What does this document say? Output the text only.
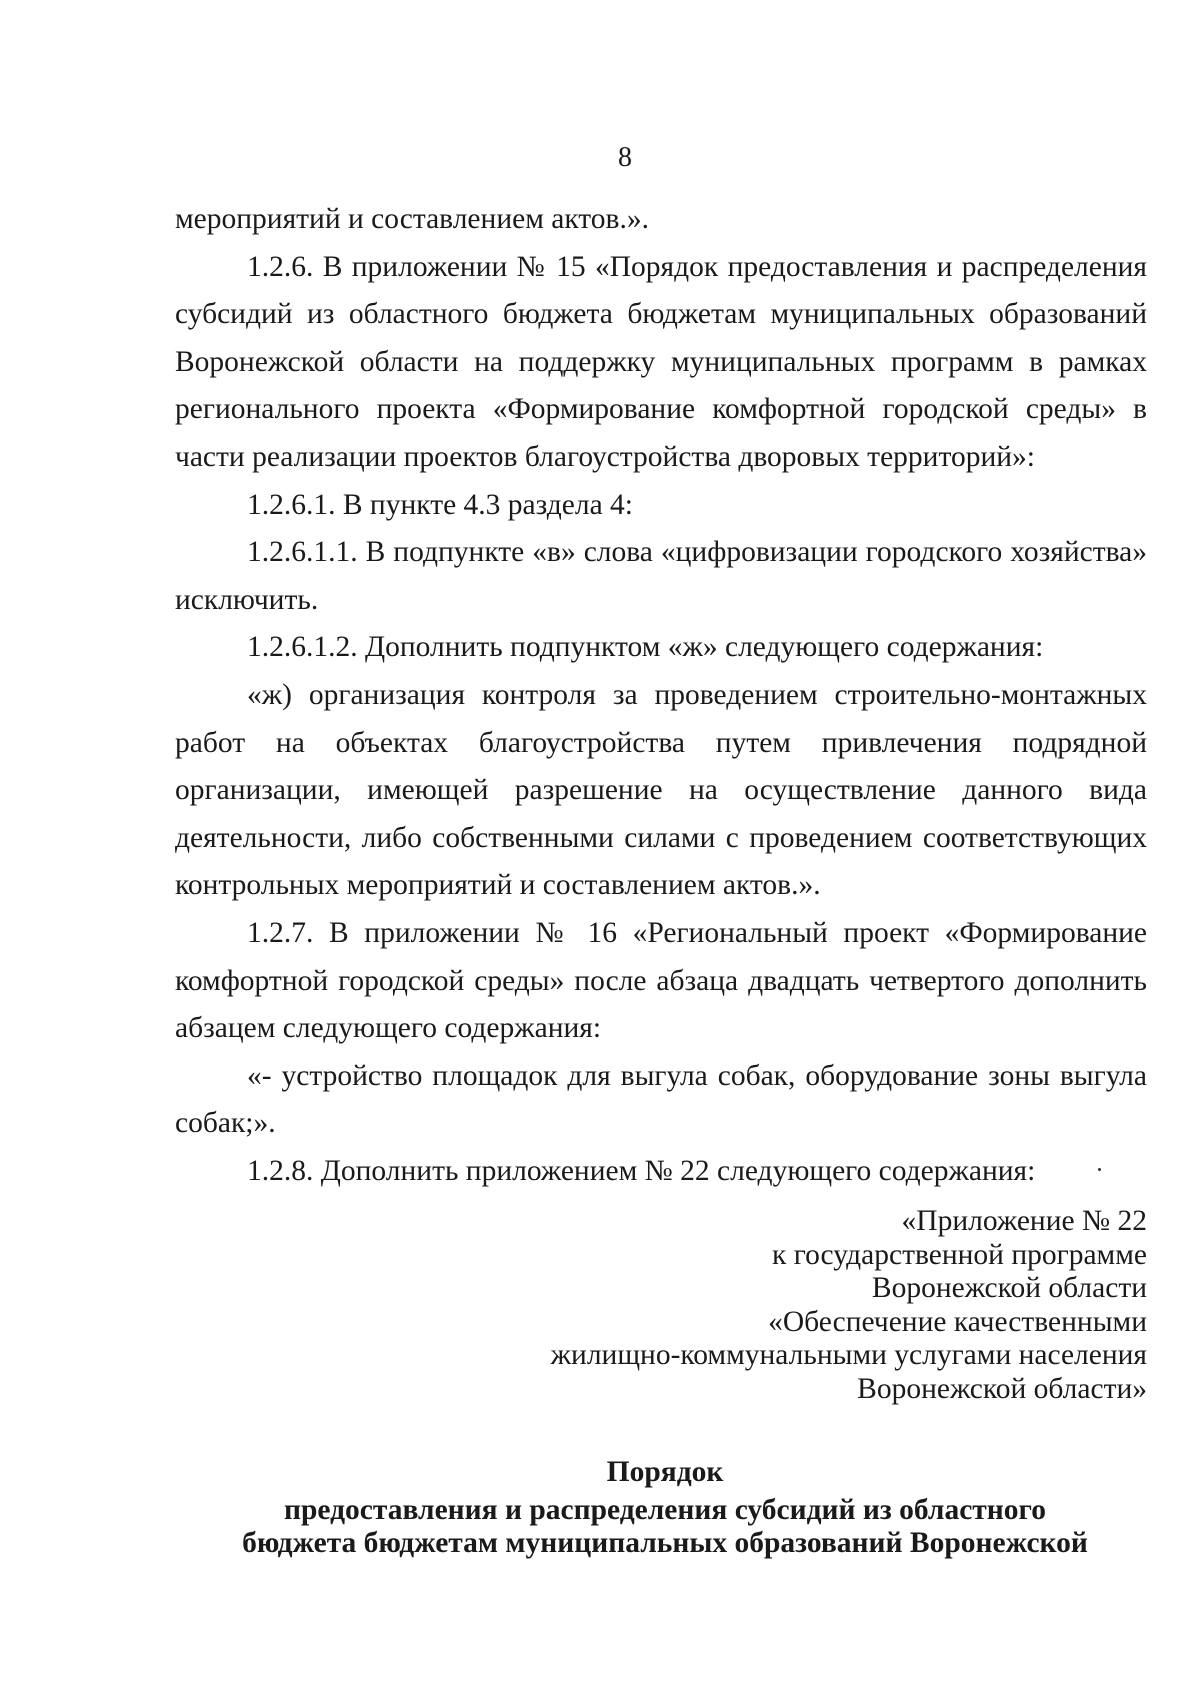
8

мероприятий и составлением актов.».

1.2.6. В приложении № 15 «Порядок предоставления и распределения субсидий из областного бюджета бюджетам муниципальных образований Воронежской области на поддержку муниципальных программ в рамках регионального проекта «Формирование комфортной городской среды» в части реализации проектов благоустройства дворовых территорий»:

1.2.6.1. В пункте 4.3 раздела 4:

1.2.6.1.1. В подпункте «в» слова «цифровизации городского хозяйства» исключить.

1.2.6.1.2. Дополнить подпунктом «ж» следующего содержания:

«ж) организация контроля за проведением строительно-монтажных работ на объектах благоустройства путем привлечения подрядной организации, имеющей разрешение на осуществление данного вида деятельности, либо собственными силами с проведением соответствующих контрольных мероприятий и составлением актов.».

1.2.7. В приложении № 16 «Региональный проект «Формирование комфортной городской среды» после абзаца двадцать четвертого дополнить абзацем следующего содержания:

«- устройство площадок для выгула собак, оборудование зоны выгула собак;».

1.2.8. Дополнить приложением № 22 следующего содержания:

«Приложение № 22
к государственной программе
Воронежской области
«Обеспечение качественными
жилищно-коммунальными услугами населения
Воронежской области»
Порядок
предоставления и распределения субсидий из областного
бюджета бюджетам муниципальных образований Воронежской
